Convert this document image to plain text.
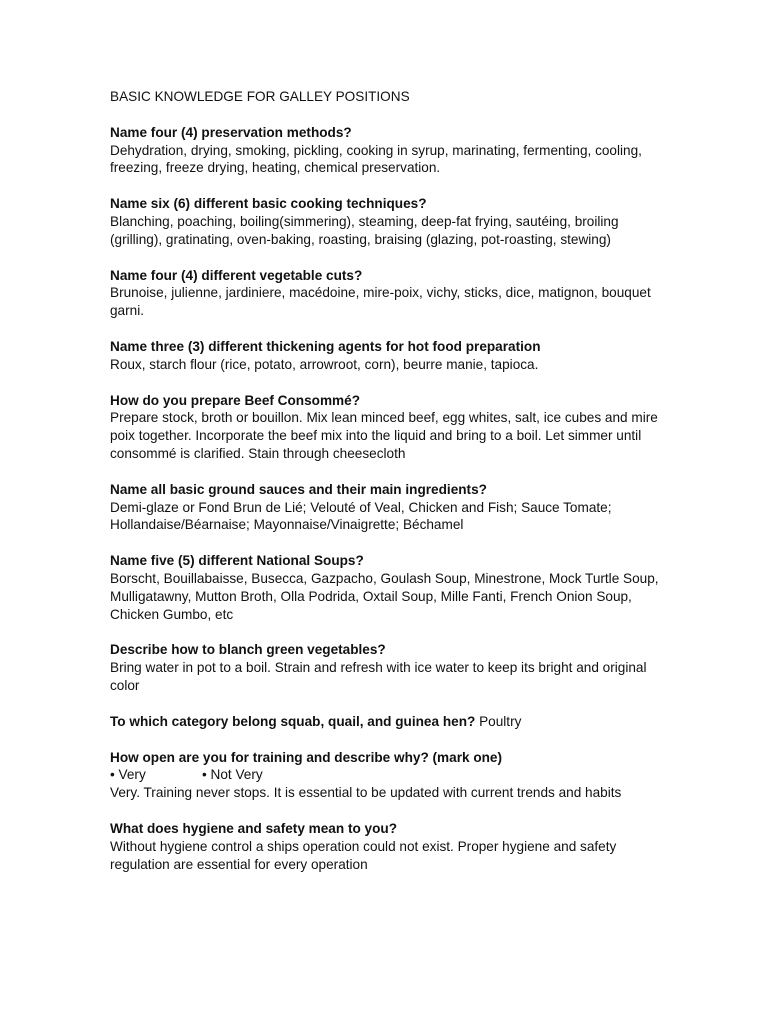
BASIC KNOWLEDGE FOR GALLEY POSITIONS
Name four (4) preservation methods?
Dehydration, drying, smoking, pickling, cooking in syrup, marinating, fermenting, cooling, freezing, freeze drying, heating, chemical preservation.
Name six (6) different basic cooking techniques?
Blanching, poaching, boiling(simmering), steaming, deep-fat frying, sautéing, broiling (grilling), gratinating, oven-baking, roasting, braising (glazing, pot-roasting, stewing)
Name four (4) different vegetable cuts?
Brunoise, julienne, jardiniere, macédoine, mire-poix, vichy, sticks, dice, matignon, bouquet garni.
Name three (3) different thickening agents for hot food preparation
Roux, starch flour (rice, potato, arrowroot, corn), beurre manie, tapioca.
How do you prepare Beef Consommé?
Prepare stock, broth or bouillon. Mix lean minced beef, egg whites, salt, ice cubes and mire poix together. Incorporate the beef mix into the liquid and bring to a boil. Let simmer until consommé is clarified. Stain through cheesecloth
Name all basic ground sauces and their main ingredients?
Demi-glaze or Fond Brun de Lié; Velouté of Veal, Chicken and Fish; Sauce Tomate; Hollandaise/Béarnaise; Mayonnaise/Vinaigrette; Béchamel
Name five (5) different National Soups?
Borscht, Bouillabaisse, Busecca, Gazpacho, Goulash Soup, Minestrone, Mock Turtle Soup, Mulligatawny, Mutton Broth, Olla Podrida, Oxtail Soup, Mille Fanti, French Onion Soup, Chicken Gumbo, etc
Describe how to blanch green vegetables?
Bring water in pot to a boil. Strain and refresh with ice water to keep its bright and original color
To which category belong squab, quail, and guinea hen? Poultry
How open are you for training and describe why? (mark one)
• Very	• Not Very
Very. Training never stops. It is essential to be updated with current trends and habits
What does hygiene and safety mean to you?
Without hygiene control a ships operation could not exist. Proper hygiene and safety regulation are essential for every operation
